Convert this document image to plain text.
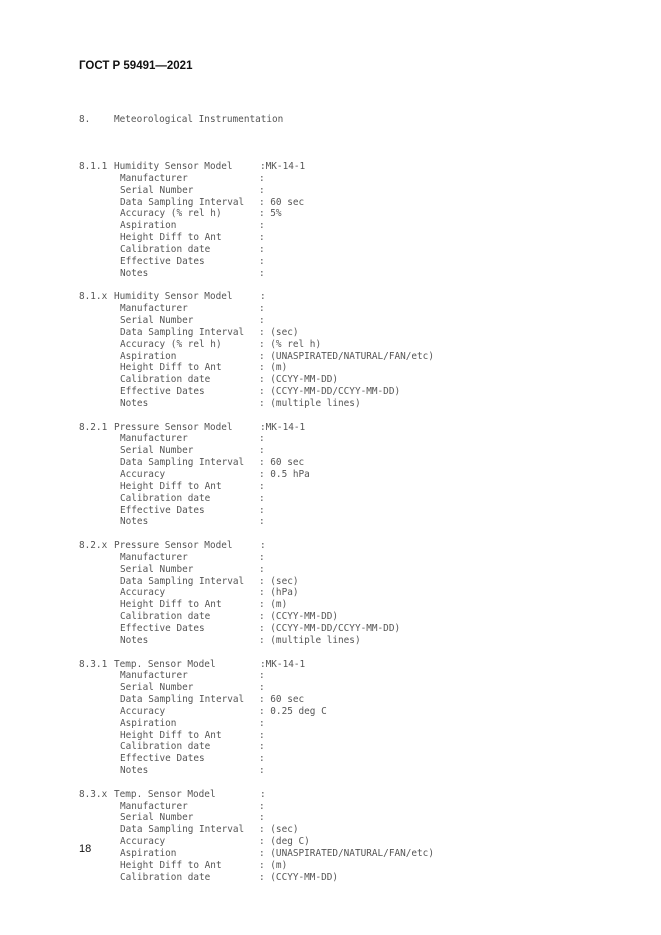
ГОСТ Р 59491—2021

8.	Meteorological Instrumentation

8.1.1 Humidity Sensor Model	:MK-14-1
Manufacturer	:
Serial Number	:
Data Sampling Interval : 60 sec
Accuracy (% rel h)	: 5%
Aspiration	:
Height Diff to Ant	:
Calibration date	:
Effective Dates	:
Notes	:
8.1.x Humidity Sensor Model	:
Manufacturer	:
Serial Number	:
Data Sampling Interval : (sec)
Accuracy (% rel h)	: (% rel h)
Aspiration	: (UNASPIRATED/NATURAL/FAN/etc)
Height Diff to Ant	: (m)
Calibration date	: (CCYY-MM-DD)
Effective Dates	: (CCYY-MM-DD/CCYY-MM-DD)
Notes	: (multiple lines)
8.2.1 Pressure Sensor Model	:MK-14-1
Manufacturer	:
Serial Number	:
Data Sampling Interval : 60 sec
Accuracy	: 0.5 hPa
Height Diff to Ant	:
Calibration date	:
Effective Dates	:
Notes	:
8.2.x Pressure Sensor Model	:
Manufacturer	:
Serial Number	:
Data Sampling Interval : (sec)
Accuracy	: (hPa)
Height Diff to Ant	: (m)
Calibration date	: (CCYY-MM-DD)
Effective Dates	: (CCYY-MM-DD/CCYY-MM-DD)
Notes	: (multiple lines)
8.3.1 Temp. Sensor Model	:MK-14-1
Manufacturer	:
Serial Number	:
Data Sampling Interval : 60 sec
Accuracy	: 0.25 deg C
Aspiration	:
Height Diff to Ant	:
Calibration date	:
Effective Dates	:
Notes	:
8.3.x Temp. Sensor Model	:
Manufacturer	:
Serial Number	:
Data Sampling Interval : (sec)
Accuracy	: (deg C)
Aspiration	: (UNASPIRATED/NATURAL/FAN/etc)
Height Diff to Ant	: (m)
Calibration date	: (CCYY-MM-DD)

18
